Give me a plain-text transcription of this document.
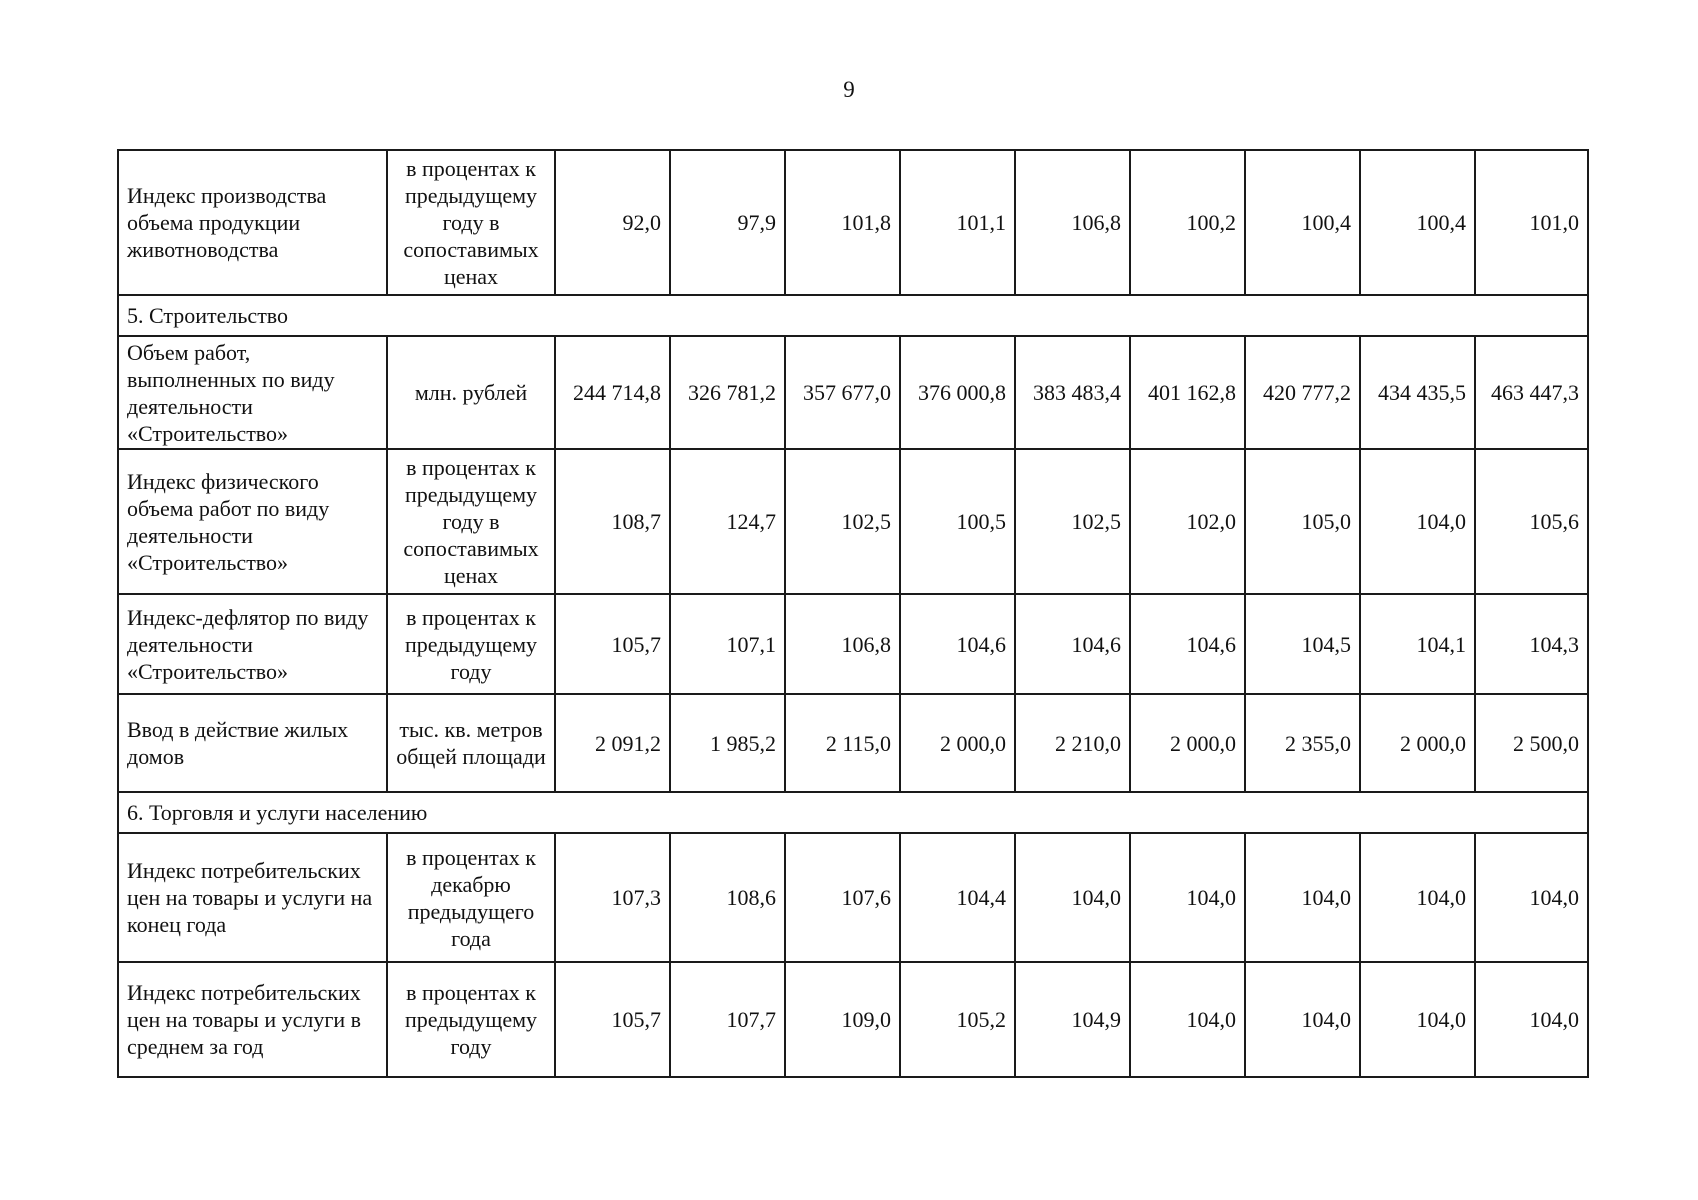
9
Индекс производства объема продукции животноводства	в процентах к предыдущему году в сопоставимых ценах	92,0	97,9	101,8	101,1	106,8	100,2	100,4	100,4	101,0
5. Строительство										
Объем работ, выполненных по виду деятельности «Строительство»	млн. рублей	244 714,8	326 781,2	357 677,0	376 000,8	383 483,4	401 162,8	420 777,2	434 435,5	463 447,3
Индекс физического объема работ по виду деятельности «Строительство»	в процентах к предыдущему году в сопоставимых ценах	108,7	124,7	102,5	100,5	102,5	102,0	105,0	104,0	105,6
Индекс-дефлятор по виду деятельности «Строительство»	в процентах к предыдущему году	105,7	107,1	106,8	104,6	104,6	104,6	104,5	104,1	104,3
Ввод в действие жилых домов	тыс. кв. метров общей площади	2 091,2	1 985,2	2 115,0	2 000,0	2 210,0	2 000,0	2 355,0	2 000,0	2 500,0
6. Торговля и услуги населению										
Индекс потребительских цен на товары и услуги на конец года	в процентах к декабрю предыдущего года	107,3	108,6	107,6	104,4	104,0	104,0	104,0	104,0	104,0
Индекс потребительских цен на товары и услуги в среднем за год	в процентах к предыдущему году	105,7	107,7	109,0	105,2	104,9	104,0	104,0	104,0	104,0
